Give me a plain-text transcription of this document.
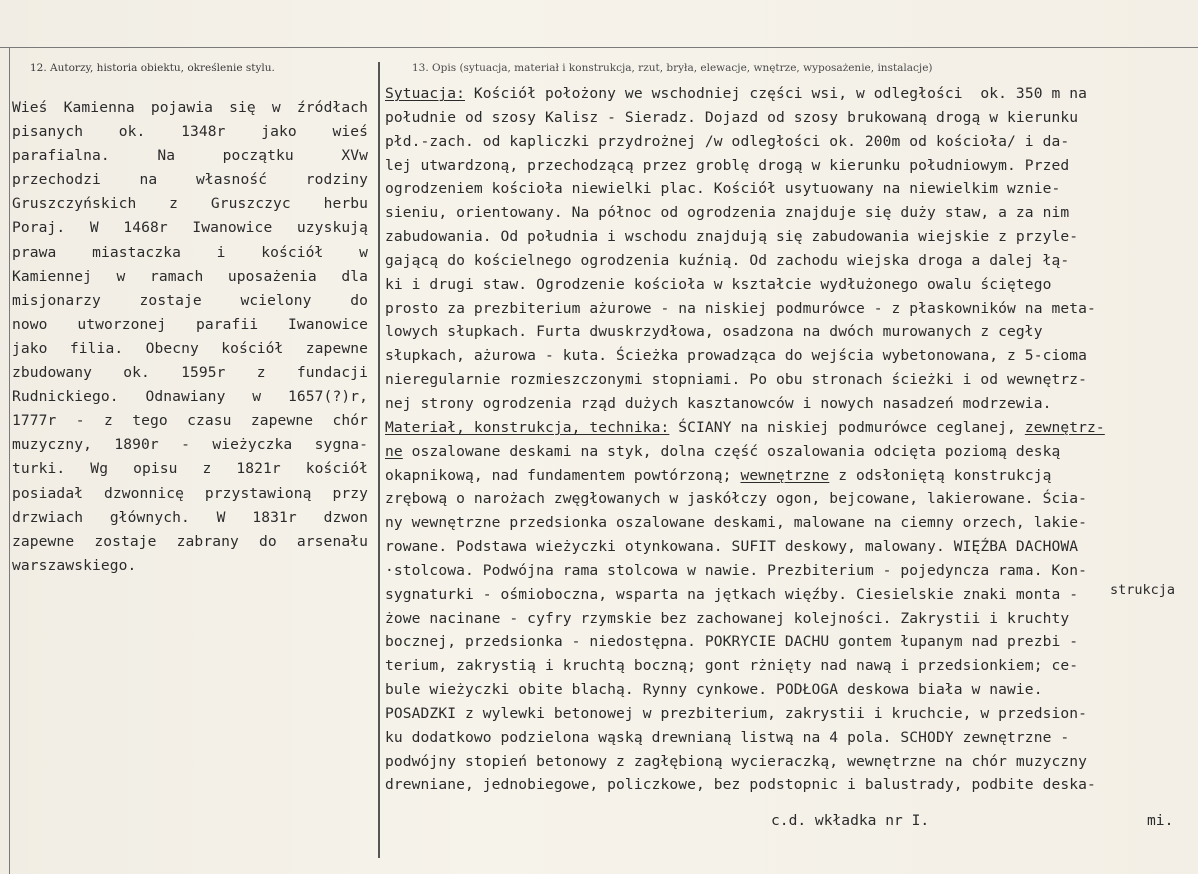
12. Autorzy, historia obiektu, określenie stylu.	13. Opis (sytuacja, materiał i konstrukcja, rzut, bryła, elewacje, wnętrze, wyposażenie, instalacje)
Wieś Kamienna pojawia się w źródłach
pisanych ok. 1348r jako wieś
parafialna. Na początku XVw
przechodzi na własność rodziny
Gruszczyńskich z Gruszczyc herbu
Poraj. W 1468r Iwanowice uzyskują
prawa miastaczka i kościół w
Kamiennej w ramach uposażenia dla
misjonarzy zostaje wcielony do
nowo utworzonej parafii Iwanowice
jako filia. Obecny kościół zapewne
zbudowany ok. 1595r z fundacji
Rudnickiego. Odnawiany w 1657(?)r,
1777r - z tego czasu zapewne chór
muzyczny, 1890r - wieżyczka sygna-
turki. Wg opisu z 1821r kościół
posiadał dzwonnicę przystawioną przy
drzwiach głównych. W 1831r dzwon
zapewne zostaje zabrany do arsenału
warszawskiego.
Sytuacja: Kościół położony we wschodniej części wsi, w odległości  ok. 350 m na
południe od szosy Kalisz - Sieradz. Dojazd od szosy brukowaną drogą w kierunku
płd.-zach. od kapliczki przydrożnej /w odległości ok. 200m od kościoła/ i da-
lej utwardzoną, przechodzącą przez groblę drogą w kierunku południowym. Przed
ogrodzeniem kościoła niewielki plac. Kościół usytuowany na niewielkim wznie-
sieniu, orientowany. Na północ od ogrodzenia znajduje się duży staw, a za nim
zabudowania. Od południa i wschodu znajdują się zabudowania wiejskie z przyle-
gającą do kościelnego ogrodzenia kuźnią. Od zachodu wiejska droga a dalej łą-
ki i drugi staw. Ogrodzenie kościoła w kształcie wydłużonego owalu ściętego
prosto za prezbiterium ażurowe - na niskiej podmurówce - z płaskowników na meta-
lowych słupkach. Furta dwuskrzydłowa, osadzona na dwóch murowanych z cegły
słupkach, ażurowa - kuta. Ścieżka prowadząca do wejścia wybetonowana, z 5-cioma
nieregularnie rozmieszczonymi stopniami. Po obu stronach ścieżki i od wewnętrz-
nej strony ogrodzenia rząd dużych kasztanowców i nowych nasadzeń modrzewia.
Materiał, konstrukcja, technika: ŚCIANY na niskiej podmurówce ceglanej, zewnętrz-
ne oszalowane deskami na styk, dolna część oszalowania odcięta poziomą deską
okapnikową, nad fundamentem powtórzoną; wewnętrzne z odsłoniętą konstrukcją
zrębową o narożach zwęgłowanych w jaskółczy ogon, bejcowane, lakierowane. Ścia-
ny wewnętrzne przedsionka oszalowane deskami, malowane na ciemny orzech, lakie-
rowane. Podstawa wieżyczki otynkowana. SUFIT deskowy, malowany. WIĘŹBA DACHOWA
·stolcowa. Podwójna rama stolcowa w nawie. Prezbiterium - pojedyncza rama. Kon-
sygnaturki - ośmioboczna, wsparta na jętkach więźby. Ciesielskie znaki monta -
żowe nacinane - cyfry rzymskie bez zachowanej kolejności. Zakrystii i kruchty
bocznej, przedsionka - niedostępna. POKRYCIE DACHU gontem łupanym nad prezbi -
terium, zakrystią i kruchtą boczną; gont rżnięty nad nawą i przedsionkiem; ce-
bule wieżyczki obite blachą. Rynny cynkowe. PODŁOGA deskowa biała w nawie.
POSADZKI z wylewki betonowej w prezbiterium, zakrystii i kruchcie, w przedsion-
ku dodatkowo podzielona wąską drewnianą listwą na 4 pola. SCHODY zewnętrzne -
podwójny stopień betonowy z zagłębioną wycieraczką, wewnętrzne na chór muzyczny
drewniane, jednobiegowe, policzkowe, bez podstopnic i balustrady, podbite deska-
strukcja
c.d. wkładka nr I.	mi.
